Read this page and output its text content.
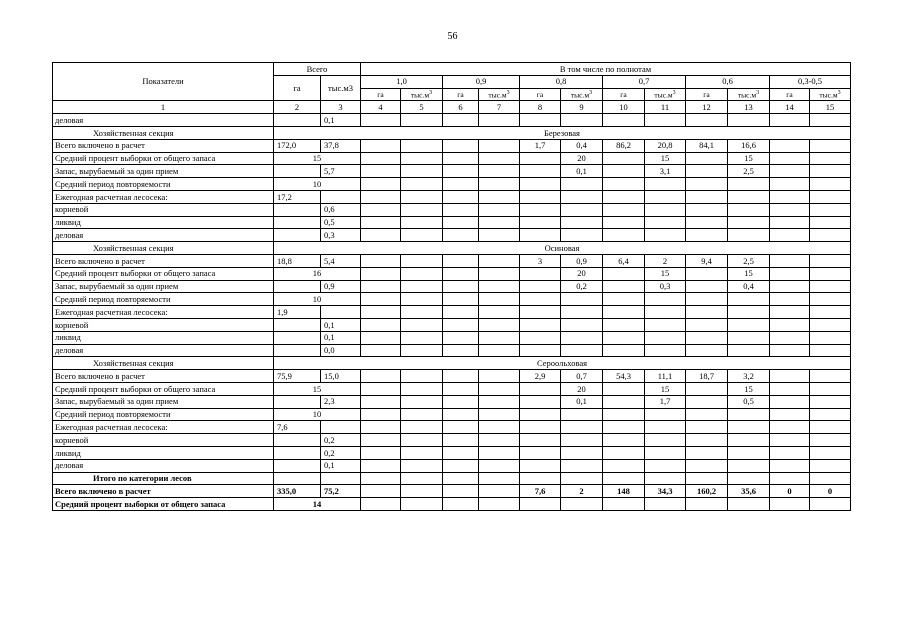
56
Показатели	Всего		В том числе по полнотам											
	га	тыс.м3	1,0		0,9		0,8		0,7		0,6		0,3-0,5	
			га	$тыс.м^3$	га	$тыс.м^3$	га	$тыс.м^3$	га	$тыс.м^3$	га	$тыс.м^3$	га	$тыс.м^3$
1	2	3	4	5	6	7	8	9	10	11	12	13	14	15
деловая		0,1												
Хозяйственная секция	Березовая													
Всего включено в расчет	172,0	37,8					1,7	0,4	86,2	20,8	84,1	16,6		
Средний процент выборки от общего запаса	15							20		15		15		
Запас, вырубаемый за один прием		5,7						0,1		3,1		2,5		
Средний период повторяемости	10													
Ежегодная расчетная лесосека:	17,2													
корневой		0,6												
ликвид		0,5												
деловая		0,3												
Хозяйственная секция	Осиновая													
Всего включено в расчет	18,8	5,4					3	0,9	6,4	2	9,4	2,5		
Средний процент выборки от общего запаса	16							20		15		15		
Запас, вырубаемый за один прием		0,9						0,2		0,3		0,4		
Средний период повторяемости	10													
Ежегодная расчетная лесосека:	1,9													
корневой		0,1												
ликвид		0,1												
деловая		0,0												
Хозяйственная секция	Сероольховая													
Всего включено в расчет	75,9	15,0					2,9	0,7	54,3	11,1	18,7	3,2		
Средний процент выборки от общего запаса	15							20		15		15		
Запас, вырубаемый за один прием		2,3						0,1		1,7		0,5		
Средний период повторяемости	10													
Ежегодная расчетная лесосека:	7,6													
корневой		0,2												
ликвид		0,2												
деловая		0,1												
Итого по категории лесов														
Всего включено в расчет	335,0	75,2					7,6	2	148	34,3	160,2	35,6	0	0
Средний процент выборки от общего запаса	14													
